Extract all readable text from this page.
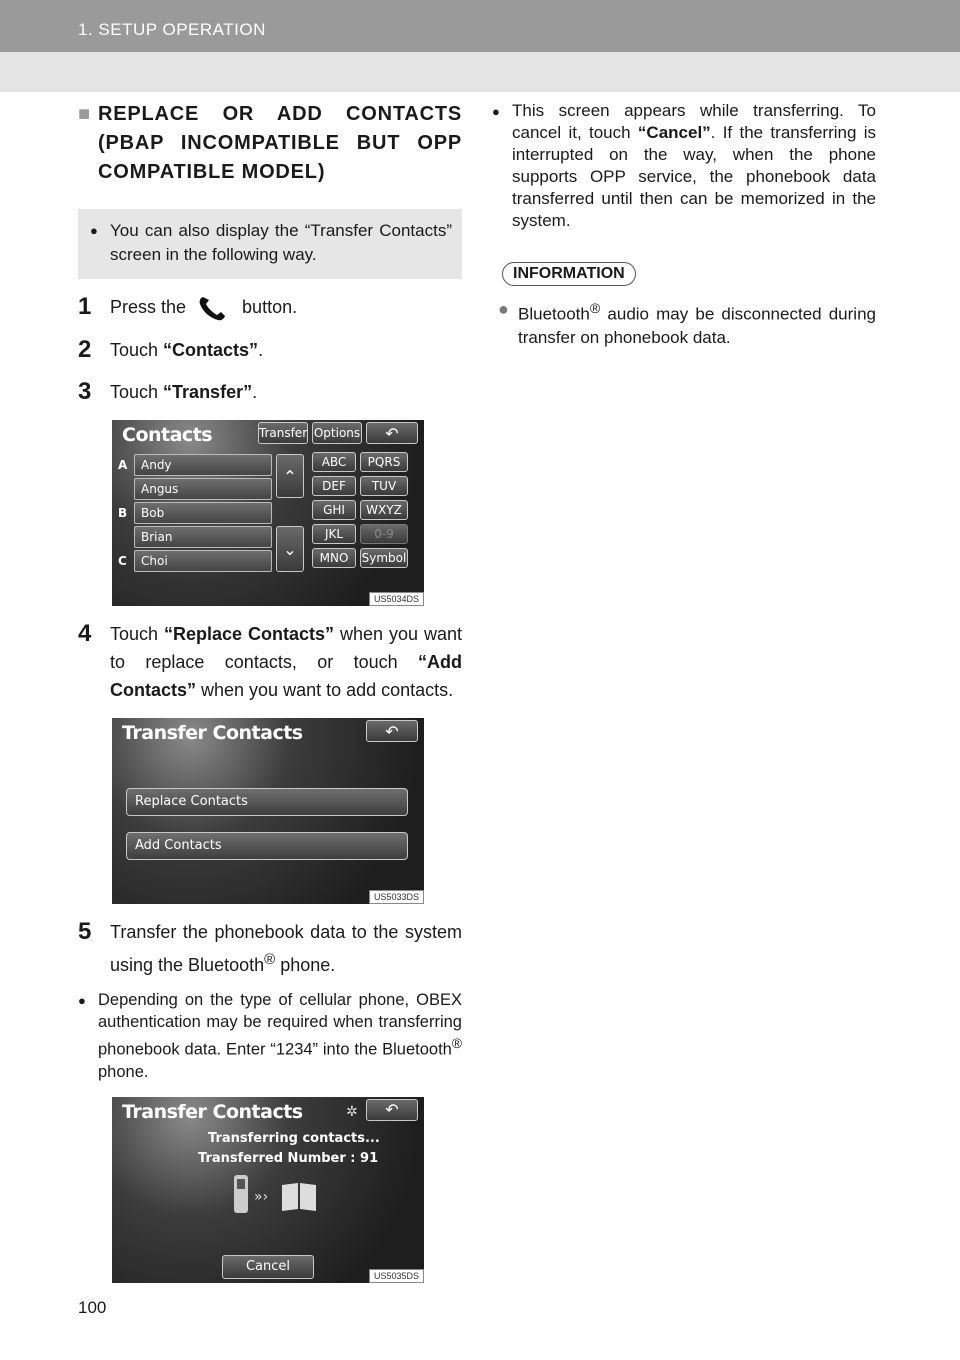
1. SETUP OPERATION
■ REPLACE OR ADD CONTACTS
(PBAP INCOMPATIBLE BUT OPP

COMPATIBLE MODEL)
● You can also display the “Transfer Contacts” screen in the following way.
1	Press the	button.
2	Touch “Contacts”.
3	Touch “Transfer”.
Contacts	Transfer Options	↶
A
B
C
Andy
Angus
Bob
Brian
Choi
⌃
⌄
ABC	PQRS
DEF	TUV
GHI	WXYZ
JKL	0-9
MNO	Symbol
US5034DS
4	Touch “Replace Contacts” when you want to replace contacts, or touch “Add Contacts” when you want to add contacts.
Transfer Contacts	↶
Replace Contacts
Add Contacts
US5033DS
5	Transfer the phonebook data to the system using the Bluetooth® phone.
● Depending on the type of cellular phone, OBEX authentication may be required when transferring phonebook data. Enter “1234” into the Bluetooth® phone.
Transfer Contacts	✲	↶
Transferring contacts...
Transferred Number : 91
»›
Cancel
US5035DS
● This screen appears while transferring. To cancel it, touch “Cancel”. If the transferring is interrupted on the way, when the phone supports OPP service, the phonebook data transferred until then can be memorized in the system.
INFORMATION
● Bluetooth® audio may be disconnected during transfer on phonebook data.
100
